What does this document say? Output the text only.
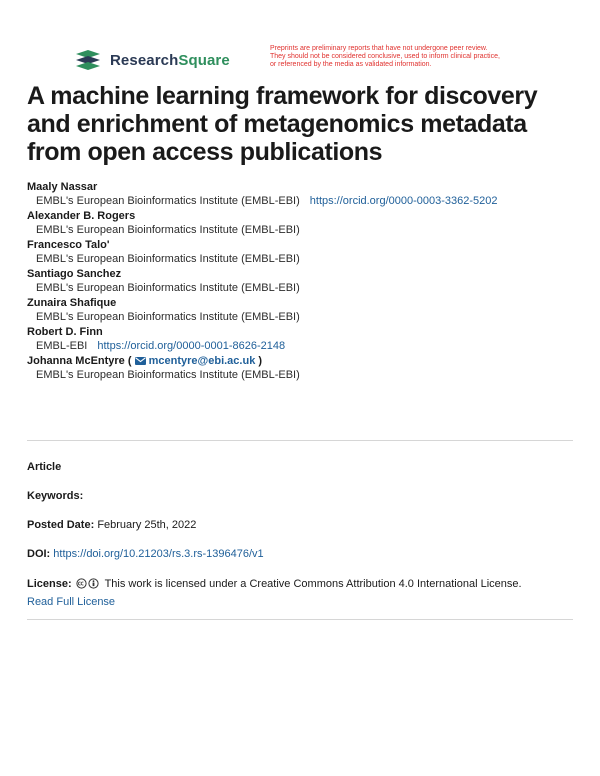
ResearchSquare

Preprints are preliminary reports that have not undergone peer review.
They should not be considered conclusive, used to inform clinical practice,
or referenced by the media as validated information.

A machine learning framework for discovery and enrichment of metagenomics metadata from open access publications
Maaly Nassar
EMBL's European Bioinformatics Institute (EMBL-EBI) https://orcid.org/0000-0003-3362-5202
Alexander B. Rogers
EMBL's European Bioinformatics Institute (EMBL-EBI)
Francesco Talo'
EMBL's European Bioinformatics Institute (EMBL-EBI)
Santiago Sanchez
EMBL's European Bioinformatics Institute (EMBL-EBI)
Zunaira Shafique
EMBL's European Bioinformatics Institute (EMBL-EBI)
Robert D. Finn
EMBL-EBI https://orcid.org/0000-0001-8626-2148
Johanna McEntyre ( mcentyre@ebi.ac.uk )
EMBL's European Bioinformatics Institute (EMBL-EBI)

Article

Keywords:

Posted Date: February 25th, 2022

DOI: https://doi.org/10.21203/rs.3.rs-1396476/v1

License:	This work is licensed under a Creative Commons Attribution 4.0 International License.

Read Full License
